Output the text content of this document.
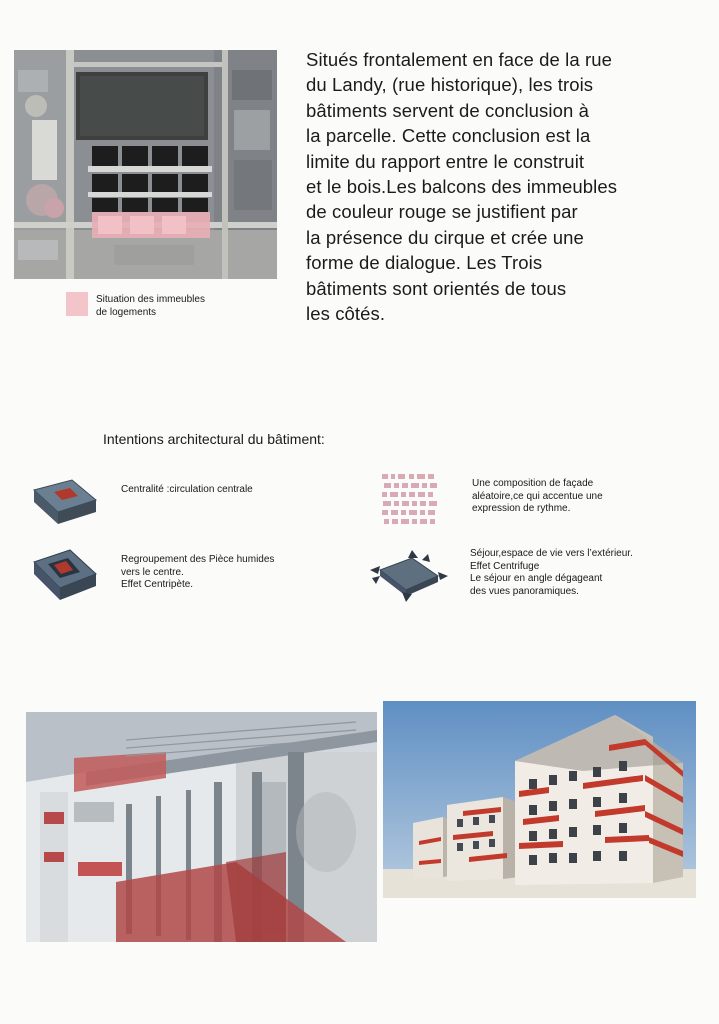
Situation des immeubles
de logements
Situés frontalement en face de la rue
du Landy, (rue historique), les trois
bâtiments servent de conclusion à
la parcelle. Cette conclusion est la
limite du rapport entre le construit
et le bois.Les balcons des immeubles
de couleur rouge se justifient par
la présence du cirque et crée une
forme de dialogue. Les Trois
bâtiments sont orientés de tous
les côtés.
Intentions architectural du bâtiment:
Centralité :circulation centrale
Regroupement des Pièce humides
vers le centre.
Effet Centripète.
Une composition de façade
aléatoire,ce qui accentue une
expression de rythme.
Séjour,espace de vie vers l’extérieur.
Effet Centrifuge
Le séjour en angle dégageant
des vues panoramiques.
